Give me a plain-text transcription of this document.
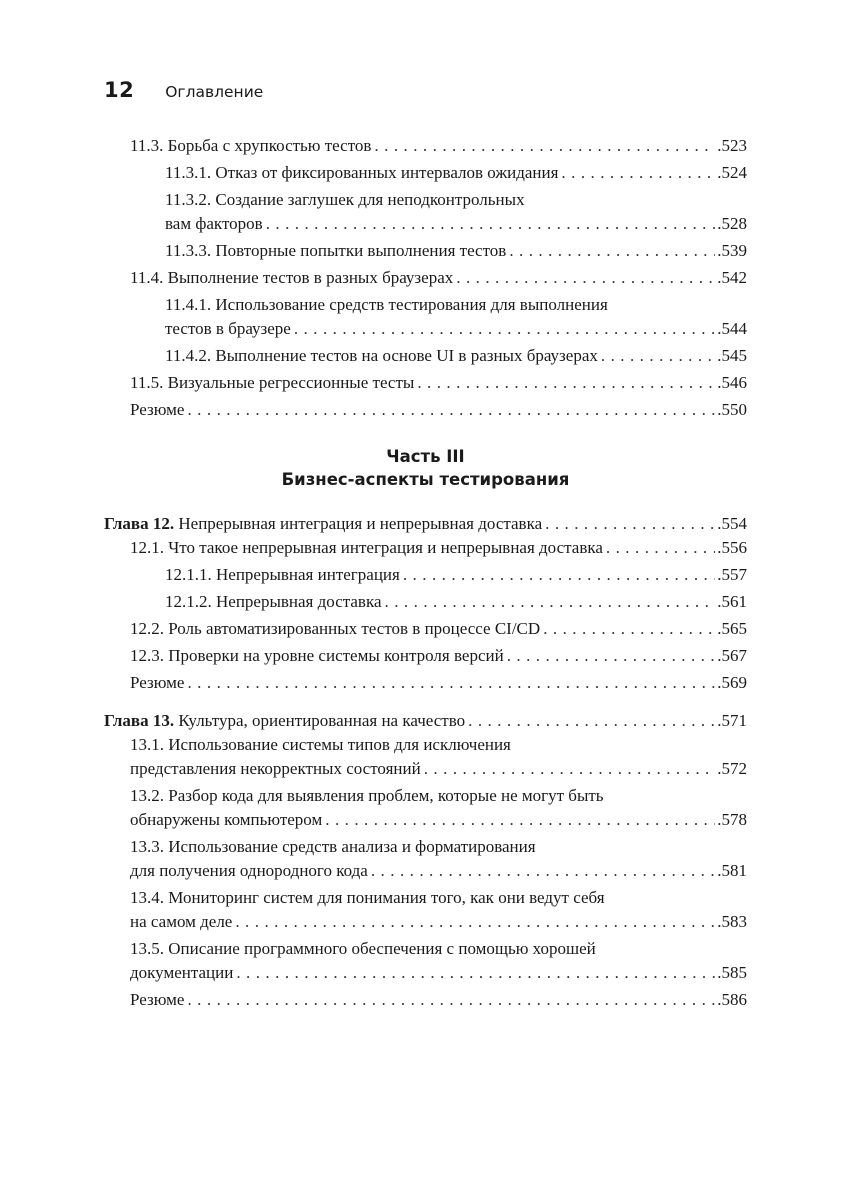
12 Оглавление
11.3. Борьба с хрупкостью тестов . . .	.523
11.3.1. Отказ от фиксированных интервалов ожидания . . .	.524
11.3.2. Создание заглушек для неподконтрольных
вам факторов . . .	.528
11.3.3. Повторные попытки выполнения тестов . . .	.539
11.4. Выполнение тестов в разных браузерах . . .	.542
11.4.1. Использование средств тестирования для выполнения
тестов в браузере . . .	.544
11.4.2. Выполнение тестов на основе UI в разных браузерах . . .	.545
11.5. Визуальные регрессионные тесты . . .	.546
Резюме . . .	.550
Часть III
Бизнес-аспекты тестирования
Глава 12. Непрерывная интеграция и непрерывная доставка . . .	.554
12.1. Что такое непрерывная интеграция и непрерывная доставка . . .	.556
12.1.1. Непрерывная интеграция . . .	.557
12.1.2. Непрерывная доставка . . .	.561
12.2. Роль автоматизированных тестов в процессе CI/CD . . .	.565
12.3. Проверки на уровне системы контроля версий . . .	.567
Резюме . . .	.569
Глава 13. Культура, ориентированная на качество . . .	.571
13.1. Использование системы типов для исключения
представления некорректных состояний . . .	.572
13.2. Разбор кода для выявления проблем, которые не могут быть
обнаружены компьютером . . .	.578
13.3. Использование средств анализа и форматирования
для получения однородного кода . . .	.581
13.4. Мониторинг систем для понимания того, как они ведут себя
на самом деле . . .	.583
13.5. Описание программного обеспечения с помощью хорошей
документации . . .	.585
Резюме . . .	.586
